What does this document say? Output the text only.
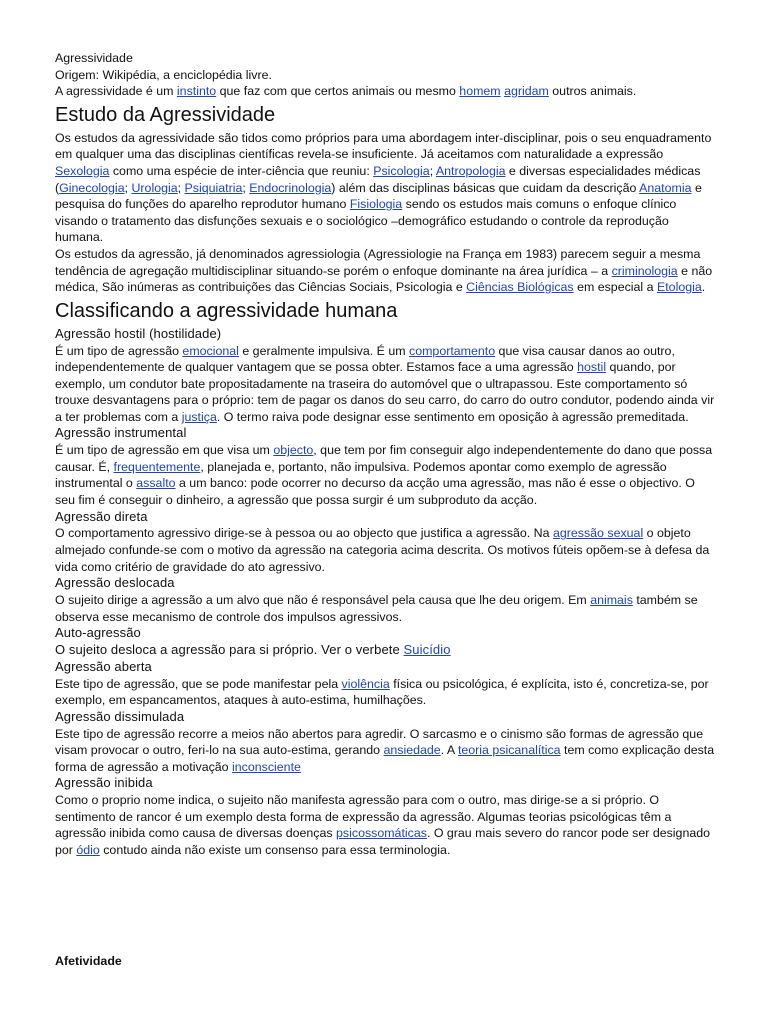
Agressividade

Origem: Wikipédia, a enciclopédia livre.

A agressividade é um instinto que faz com que certos animais ou mesmo homem agridam outros animais.

Estudo da Agressividade

Os estudos da agressividade são tidos como próprios para uma abordagem inter-disciplinar, pois o seu enquadramento em qualquer uma das disciplinas científicas revela-se insuficiente. Já aceitamos com naturalidade a expressão Sexologia como uma espécie de inter-ciência que reuniu: Psicologia; Antropologia e diversas especialidades médicas (Ginecologia; Urologia; Psiquiatria; Endocrinologia) além das disciplinas básicas que cuidam da descrição Anatomia e pesquisa do funções do aparelho reprodutor humano Fisiologia sendo os estudos mais comuns o enfoque clínico visando o tratamento das disfunções sexuais e o sociológico –demográfico estudando o controle da reprodução humana.

Os estudos da agressão, já denominados agressiologia (Agressiologie na França em 1983) parecem seguir a mesma tendência de agregação multidisciplinar situando-se porém o enfoque dominante na área jurídica – a criminologia e não médica, São inúmeras as contribuições das Ciências Sociais, Psicologia e Ciências Biológicas em especial a Etologia.

Classificando a agressividade humana

Agressão hostil (hostilidade)

É um tipo de agressão emocional e geralmente impulsiva. É um comportamento que visa causar danos ao outro, independentemente de qualquer vantagem que se possa obter. Estamos face a uma agressão hostil quando, por exemplo, um condutor bate propositadamente na traseira do automóvel que o ultrapassou. Este comportamento só trouxe desvantagens para o próprio: tem de pagar os danos do seu carro, do carro do outro condutor, podendo ainda vir a ter problemas com a justiça. O termo raiva pode designar esse sentimento em oposição à agressão premeditada.

Agressão instrumental

É um tipo de agressão em que visa um objecto, que tem por fim conseguir algo independentemente do dano que possa causar. É, frequentemente, planejada e, portanto, não impulsiva. Podemos apontar como exemplo de agressão instrumental o assalto a um banco: pode ocorrer no decurso da acção uma agressão, mas não é esse o objectivo. O seu fim é conseguir o dinheiro, a agressão que possa surgir é um subproduto da acção.

Agressão direta

O comportamento agressivo dirige-se à pessoa ou ao objecto que justifica a agressão. Na agressão sexual o objeto almejado confunde-se com o motivo da agressão na categoria acima descrita. Os motivos fúteis opõem-se à defesa da vida como critério de gravidade do ato agressivo.

Agressão deslocada

O sujeito dirige a agressão a um alvo que não é responsável pela causa que lhe deu origem. Em animais também se observa esse mecanismo de controle dos impulsos agressivos.

Auto-agressão

O sujeito desloca a agressão para si próprio. Ver o verbete Suicídio

Agressão aberta

Este tipo de agressão, que se pode manifestar pela violência física ou psicológica, é explícita, isto é, concretiza-se, por exemplo, em espancamentos, ataques à auto-estima, humilhações.

Agressão dissimulada

Este tipo de agressão recorre a meios não abertos para agredir. O sarcasmo e o cinismo são formas de agressão que visam provocar o outro, feri-lo na sua auto-estima, gerando ansiedade. A teoria psicanalítica tem como explicação desta forma de agressão a motivação inconsciente

Agressão inibida

Como o proprio nome indica, o sujeito não manifesta agressão para com o outro, mas dirige-se a si próprio. O sentimento de rancor é um exemplo desta forma de expressão da agressão. Algumas teorias psicológicas têm a agressão inibida como causa de diversas doenças psicossomáticas. O grau mais severo do rancor pode ser designado por ódio contudo ainda não existe um consenso para essa terminologia.

Afetividade
